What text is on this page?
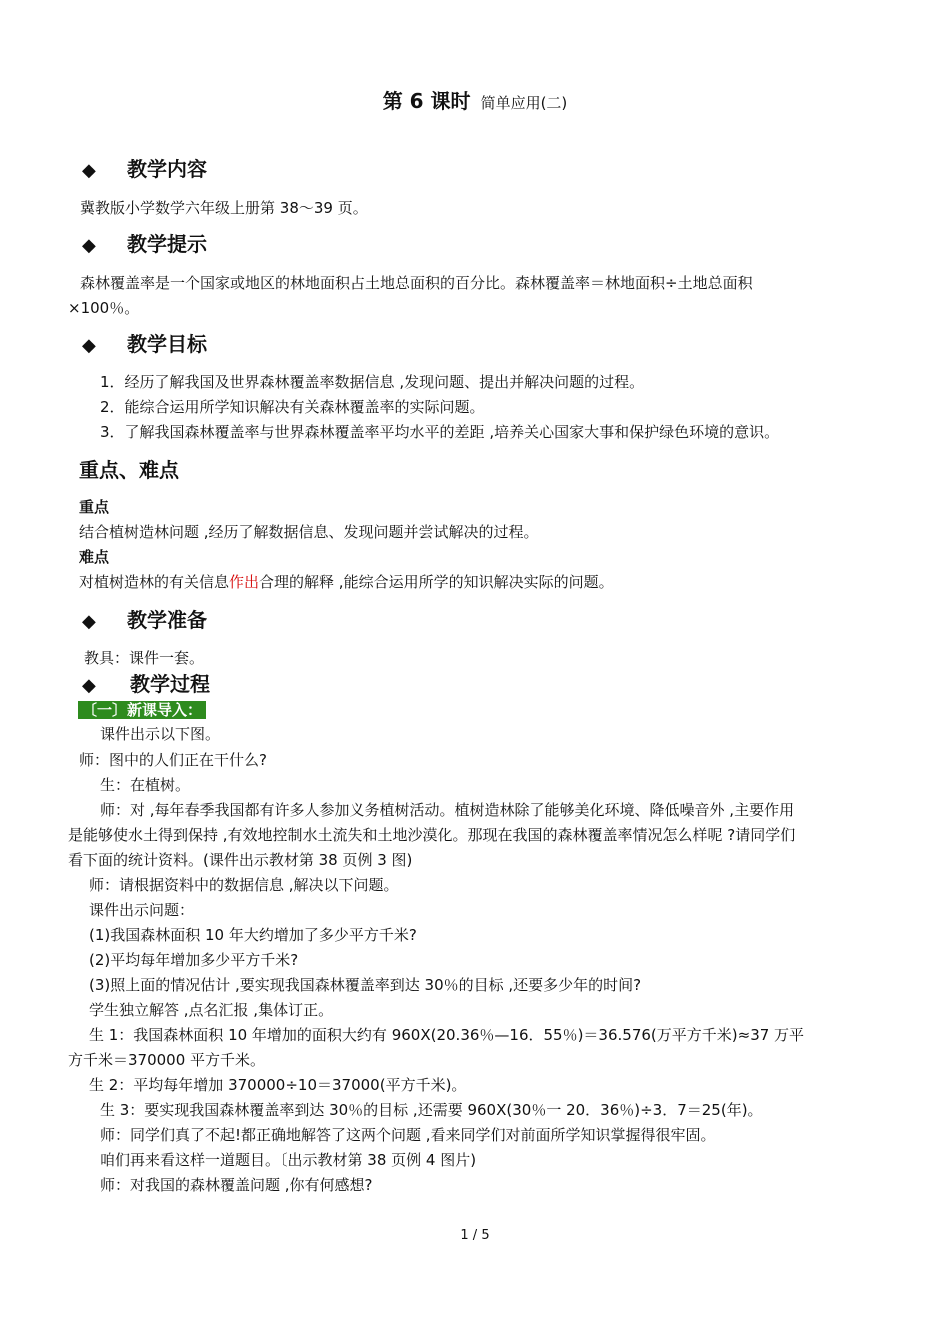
第 6 课时 简单应用(二)
◆ 教学内容
冀教版小学数学六年级上册第 38～39 页。
◆ 教学提示
森林覆盖率是一个国家或地区的林地面积占土地总面积的百分比。森林覆盖率＝林地面积÷土地总面积
×100％。
◆ 教学目标
1．经历了解我国及世界森林覆盖率数据信息 ,发现问题、提出并解决问题的过程。
2．能综合运用所学知识解决有关森林覆盖率的实际问题。
3．了解我国森林覆盖率与世界森林覆盖率平均水平的差距 ,培养关心国家大事和保护绿色环境的意识。
重点、难点
重点
结合植树造林问题 ,经历了解数据信息、发现问题并尝试解决的过程。
难点
对植树造林的有关信息作出合理的解释 ,能综合运用所学的知识解决实际的问题。
◆ 教学准备
教具：课件一套。
◆ 教学过程
〔一〕新课导入：
课件出示以下图。
师：图中的人们正在干什么?
生：在植树。
师：对 ,每年春季我国都有许多人参加义务植树活动。植树造林除了能够美化环境、降低噪音外 ,主要作用
是能够使水土得到保持 ,有效地控制水土流失和土地沙漠化。那现在我国的森林覆盖率情况怎么样呢 ?请同学们
看下面的统计资料。(课件出示教材第 38 页例 3 图)
师：请根据资料中的数据信息 ,解决以下问题。
课件出示问题：
(1)我国森林面积 10 年大约增加了多少平方千米?
(2)平均每年增加多少平方千米?
(3)照上面的情况估计 ,要实现我国森林覆盖率到达 30％的目标 ,还要多少年的时间?
学生独立解答 ,点名汇报 ,集体订正。
生 1：我国森林面积 10 年增加的面积大约有 960X(20.36％—16．55％)＝36.576(万平方千米)≈37 万平
方千米＝370000 平方千米。
生 2：平均每年增加 370000÷10＝37000(平方千米)。
生 3：要实现我国森林覆盖率到达 30％的目标 ,还需要 960X(30％一 20．36％)÷3．7＝25(年)。
师：同学们真了不起!都正确地解答了这两个问题 ,看来同学们对前面所学知识掌握得很牢固。
咱们再来看这样一道题目。〔出示教材第 38 页例 4 图片)
师：对我国的森林覆盖问题 ,你有何感想?
1 / 5
